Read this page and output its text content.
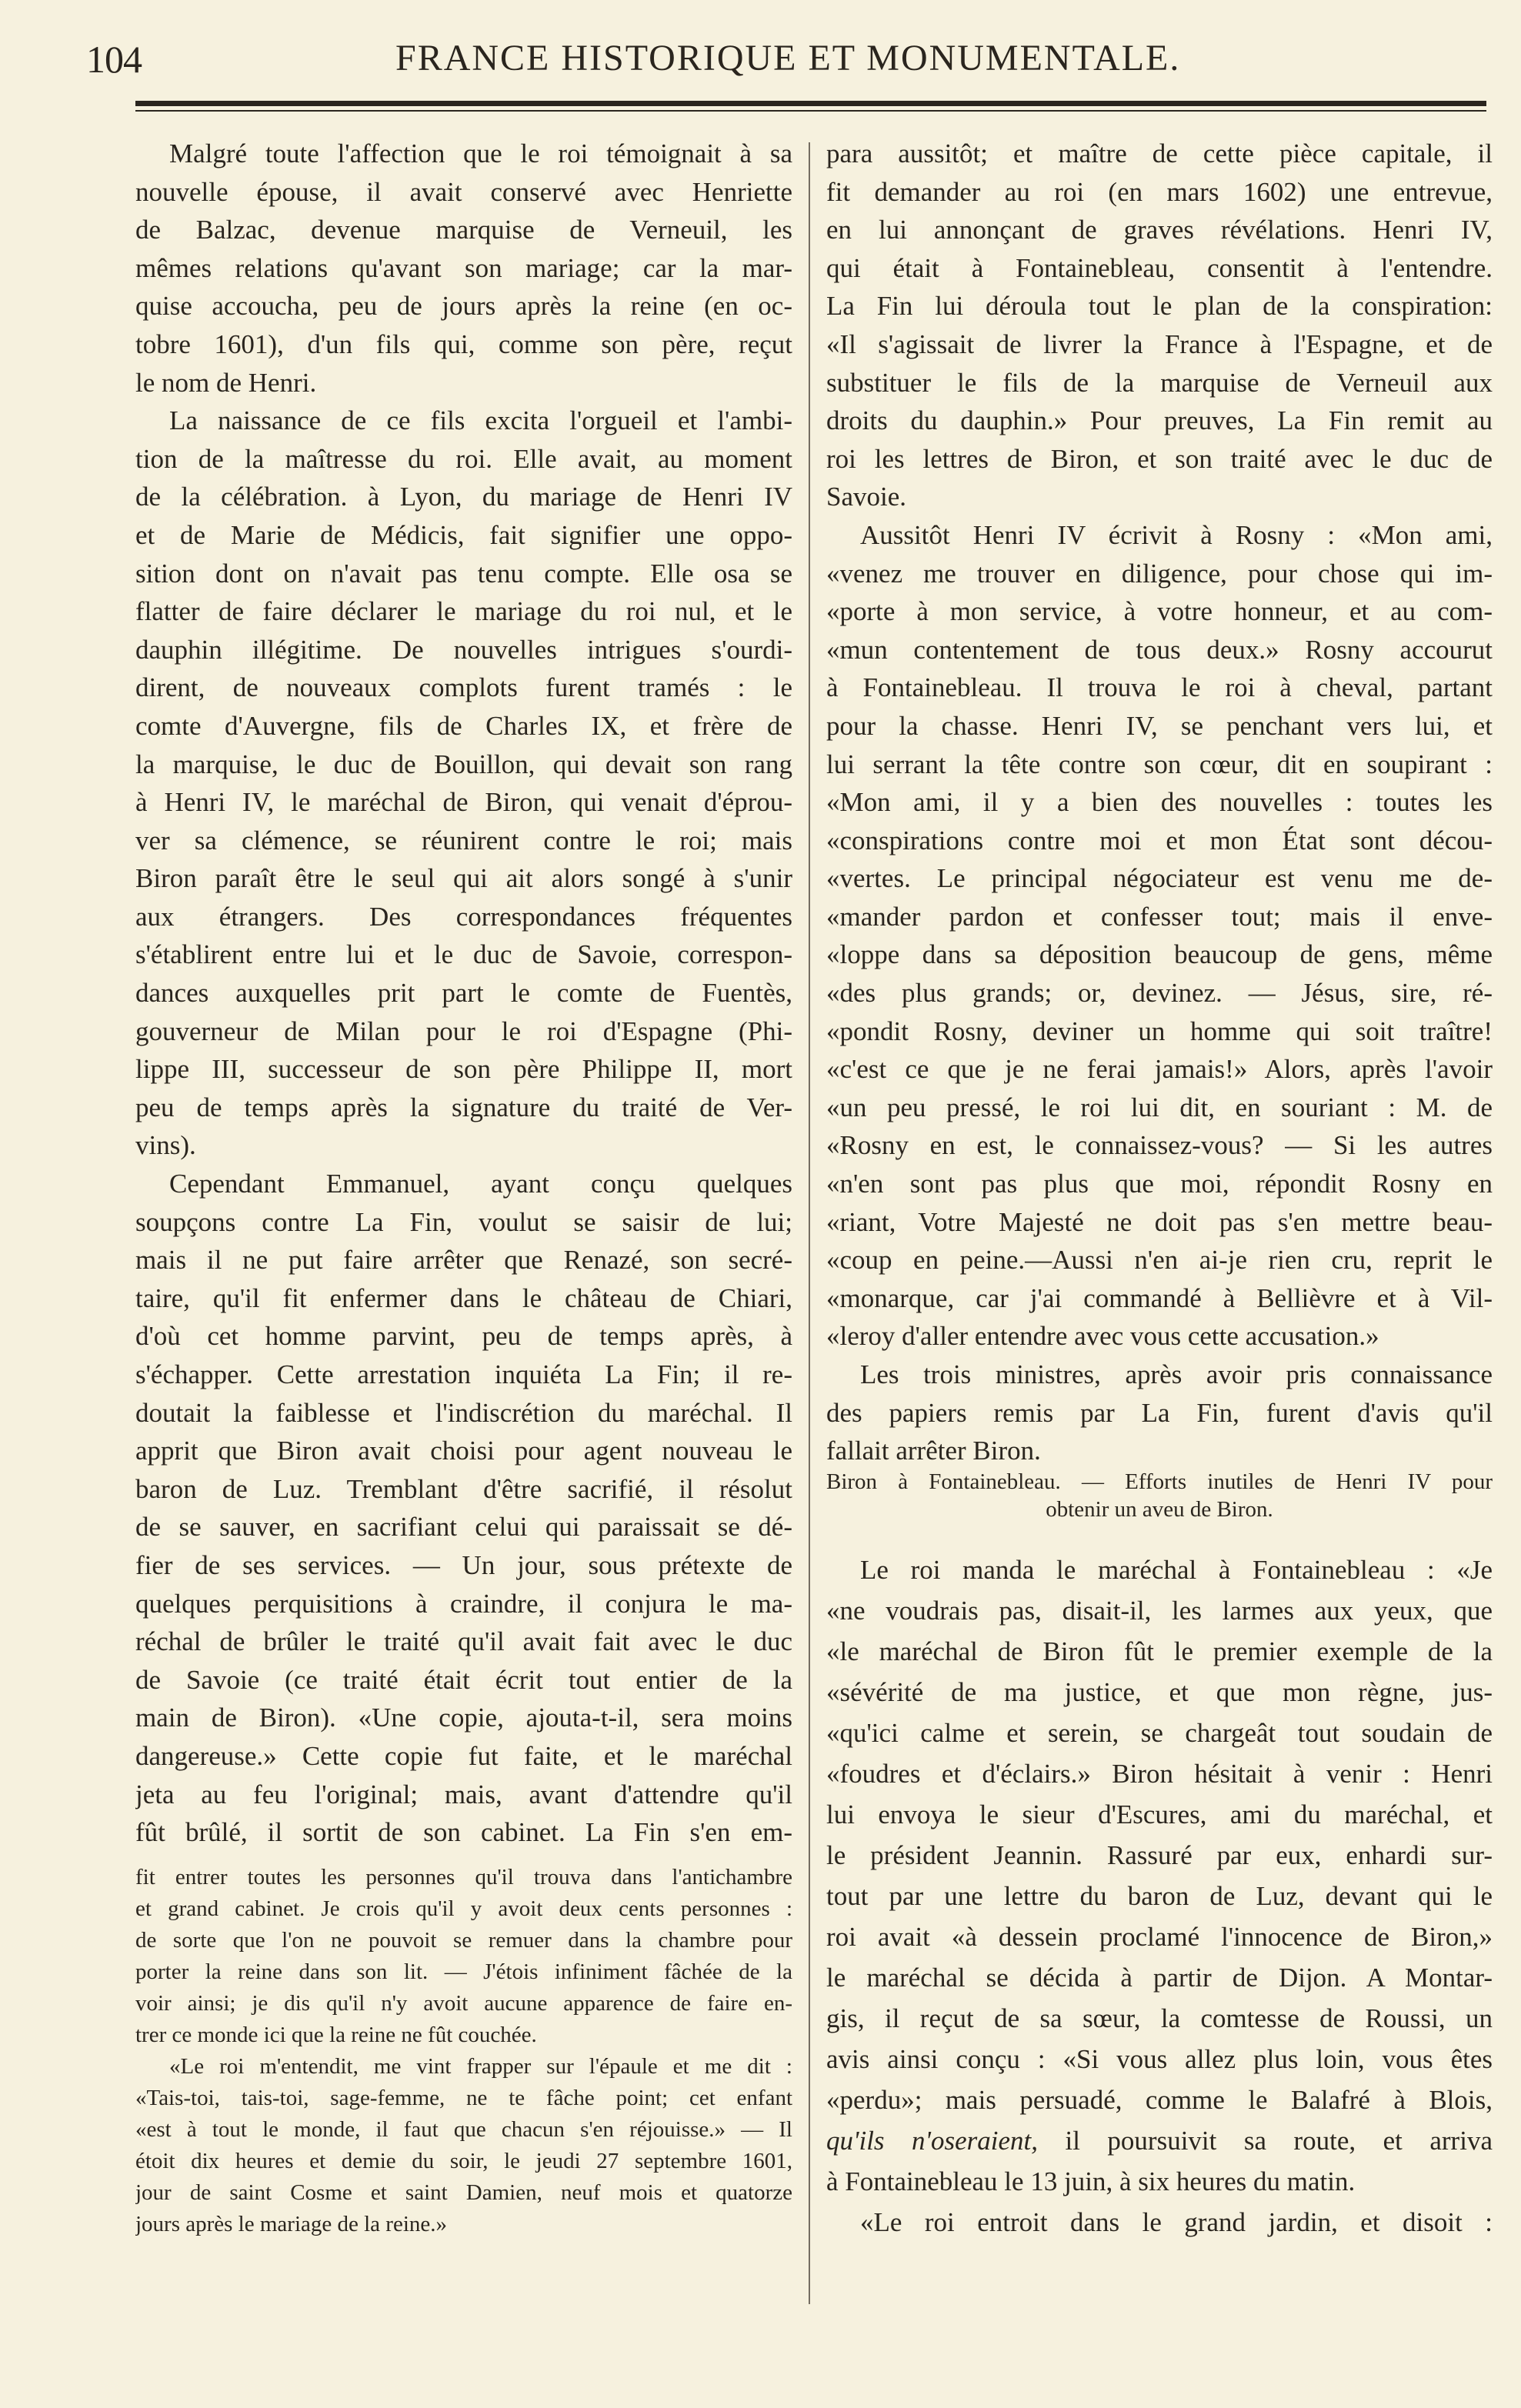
104	FRANCE HISTORIQUE ET MONUMENTALE.
Malgré toute l'affection que le roi témoignait à sa
nouvelle épouse, il avait conservé avec Henriette
de Balzac, devenue marquise de Verneuil, les
mêmes relations qu'avant son mariage; car la mar-
quise accoucha, peu de jours après la reine (en oc-
tobre 1601), d'un fils qui, comme son père, reçut
le nom de Henri.
La naissance de ce fils excita l'orgueil et l'ambi-
tion de la maîtresse du roi. Elle avait, au moment
de la célébration. à Lyon, du mariage de Henri IV
et de Marie de Médicis, fait signifier une oppo-
sition dont on n'avait pas tenu compte. Elle osa se
flatter de faire déclarer le mariage du roi nul, et le
dauphin illégitime. De nouvelles intrigues s'ourdi-
dirent, de nouveaux complots furent tramés : le
comte d'Auvergne, fils de Charles IX, et frère de
la marquise, le duc de Bouillon, qui devait son rang
à Henri IV, le maréchal de Biron, qui venait d'éprou-
ver sa clémence, se réunirent contre le roi; mais
Biron paraît être le seul qui ait alors songé à s'unir
aux étrangers. Des correspondances fréquentes
s'établirent entre lui et le duc de Savoie, correspon-
dances auxquelles prit part le comte de Fuentès,
gouverneur de Milan pour le roi d'Espagne (Phi-
lippe III, successeur de son père Philippe II, mort
peu de temps après la signature du traité de Ver-
vins).
Cependant Emmanuel, ayant conçu quelques
soupçons contre La Fin, voulut se saisir de lui;
mais il ne put faire arrêter que Renazé, son secré-
taire, qu'il fit enfermer dans le château de Chiari,
d'où cet homme parvint, peu de temps après, à
s'échapper. Cette arrestation inquiéta La Fin; il re-
doutait la faiblesse et l'indiscrétion du maréchal. Il
apprit que Biron avait choisi pour agent nouveau le
baron de Luz. Tremblant d'être sacrifié, il résolut
de se sauver, en sacrifiant celui qui paraissait se dé-
fier de ses services. — Un jour, sous prétexte de
quelques perquisitions à craindre, il conjura le ma-
réchal de brûler le traité qu'il avait fait avec le duc
de Savoie (ce traité était écrit tout entier de la
main de Biron). «Une copie, ajouta-t-il, sera moins
dangereuse.» Cette copie fut faite, et le maréchal
jeta au feu l'original; mais, avant d'attendre qu'il
fût brûlé, il sortit de son cabinet. La Fin s'en em-
fit entrer toutes les personnes qu'il trouva dans l'antichambre
et grand cabinet. Je crois qu'il y avoit deux cents personnes :
de sorte que l'on ne pouvoit se remuer dans la chambre pour
porter la reine dans son lit. — J'étois infiniment fâchée de la
voir ainsi; je dis qu'il n'y avoit aucune apparence de faire en-
trer ce monde ici que la reine ne fût couchée.
«Le roi m'entendit, me vint frapper sur l'épaule et me dit :
«Tais-toi, tais-toi, sage-femme, ne te fâche point; cet enfant
«est à tout le monde, il faut que chacun s'en réjouisse.» — Il
étoit dix heures et demie du soir, le jeudi 27 septembre 1601,
jour de saint Cosme et saint Damien, neuf mois et quatorze
jours après le mariage de la reine.»
para aussitôt; et maître de cette pièce capitale, il
fit demander au roi (en mars 1602) une entrevue,
en lui annonçant de graves révélations. Henri IV,
qui était à Fontainebleau, consentit à l'entendre.
La Fin lui déroula tout le plan de la conspiration:
«Il s'agissait de livrer la France à l'Espagne, et de
substituer le fils de la marquise de Verneuil aux
droits du dauphin.» Pour preuves, La Fin remit au
roi les lettres de Biron, et son traité avec le duc de
Savoie.
Aussitôt Henri IV écrivit à Rosny : «Mon ami,
«venez me trouver en diligence, pour chose qui im-
«porte à mon service, à votre honneur, et au com-
«mun contentement de tous deux.» Rosny accourut
à Fontainebleau. Il trouva le roi à cheval, partant
pour la chasse. Henri IV, se penchant vers lui, et
lui serrant la tête contre son cœur, dit en soupirant :
«Mon ami, il y a bien des nouvelles : toutes les
«conspirations contre moi et mon État sont décou-
«vertes. Le principal négociateur est venu me de-
«mander pardon et confesser tout; mais il enve-
«loppe dans sa déposition beaucoup de gens, même
«des plus grands; or, devinez. — Jésus, sire, ré-
«pondit Rosny, deviner un homme qui soit traître!
«c'est ce que je ne ferai jamais!» Alors, après l'avoir
«un peu pressé, le roi lui dit, en souriant : M. de
«Rosny en est, le connaissez-vous? — Si les autres
«n'en sont pas plus que moi, répondit Rosny en
«riant, Votre Majesté ne doit pas s'en mettre beau-
«coup en peine.—Aussi n'en ai-je rien cru, reprit le
«monarque, car j'ai commandé à Bellièvre et à Vil-
«leroy d'aller entendre avec vous cette accusation.»
Les trois ministres, après avoir pris connaissance
des papiers remis par La Fin, furent d'avis qu'il
fallait arrêter Biron.
Biron à Fontainebleau. — Efforts inutiles de Henri IV pour
obtenir un aveu de Biron.
Le roi manda le maréchal à Fontainebleau : «Je
«ne voudrais pas, disait-il, les larmes aux yeux, que
«le maréchal de Biron fût le premier exemple de la
«sévérité de ma justice, et que mon règne, jus-
«qu'ici calme et serein, se chargeât tout soudain de
«foudres et d'éclairs.» Biron hésitait à venir : Henri
lui envoya le sieur d'Escures, ami du maréchal, et
le président Jeannin. Rassuré par eux, enhardi sur-
tout par une lettre du baron de Luz, devant qui le
roi avait «à dessein proclamé l'innocence de Biron,»
le maréchal se décida à partir de Dijon. A Montar-
gis, il reçut de sa sœur, la comtesse de Roussi, un
avis ainsi conçu : «Si vous allez plus loin, vous êtes
«perdu»; mais persuadé, comme le Balafré à Blois,
qu'ils n'oseraient, il poursuivit sa route, et arriva
à Fontainebleau le 13 juin, à six heures du matin.
«Le roi entroit dans le grand jardin, et disoit :
